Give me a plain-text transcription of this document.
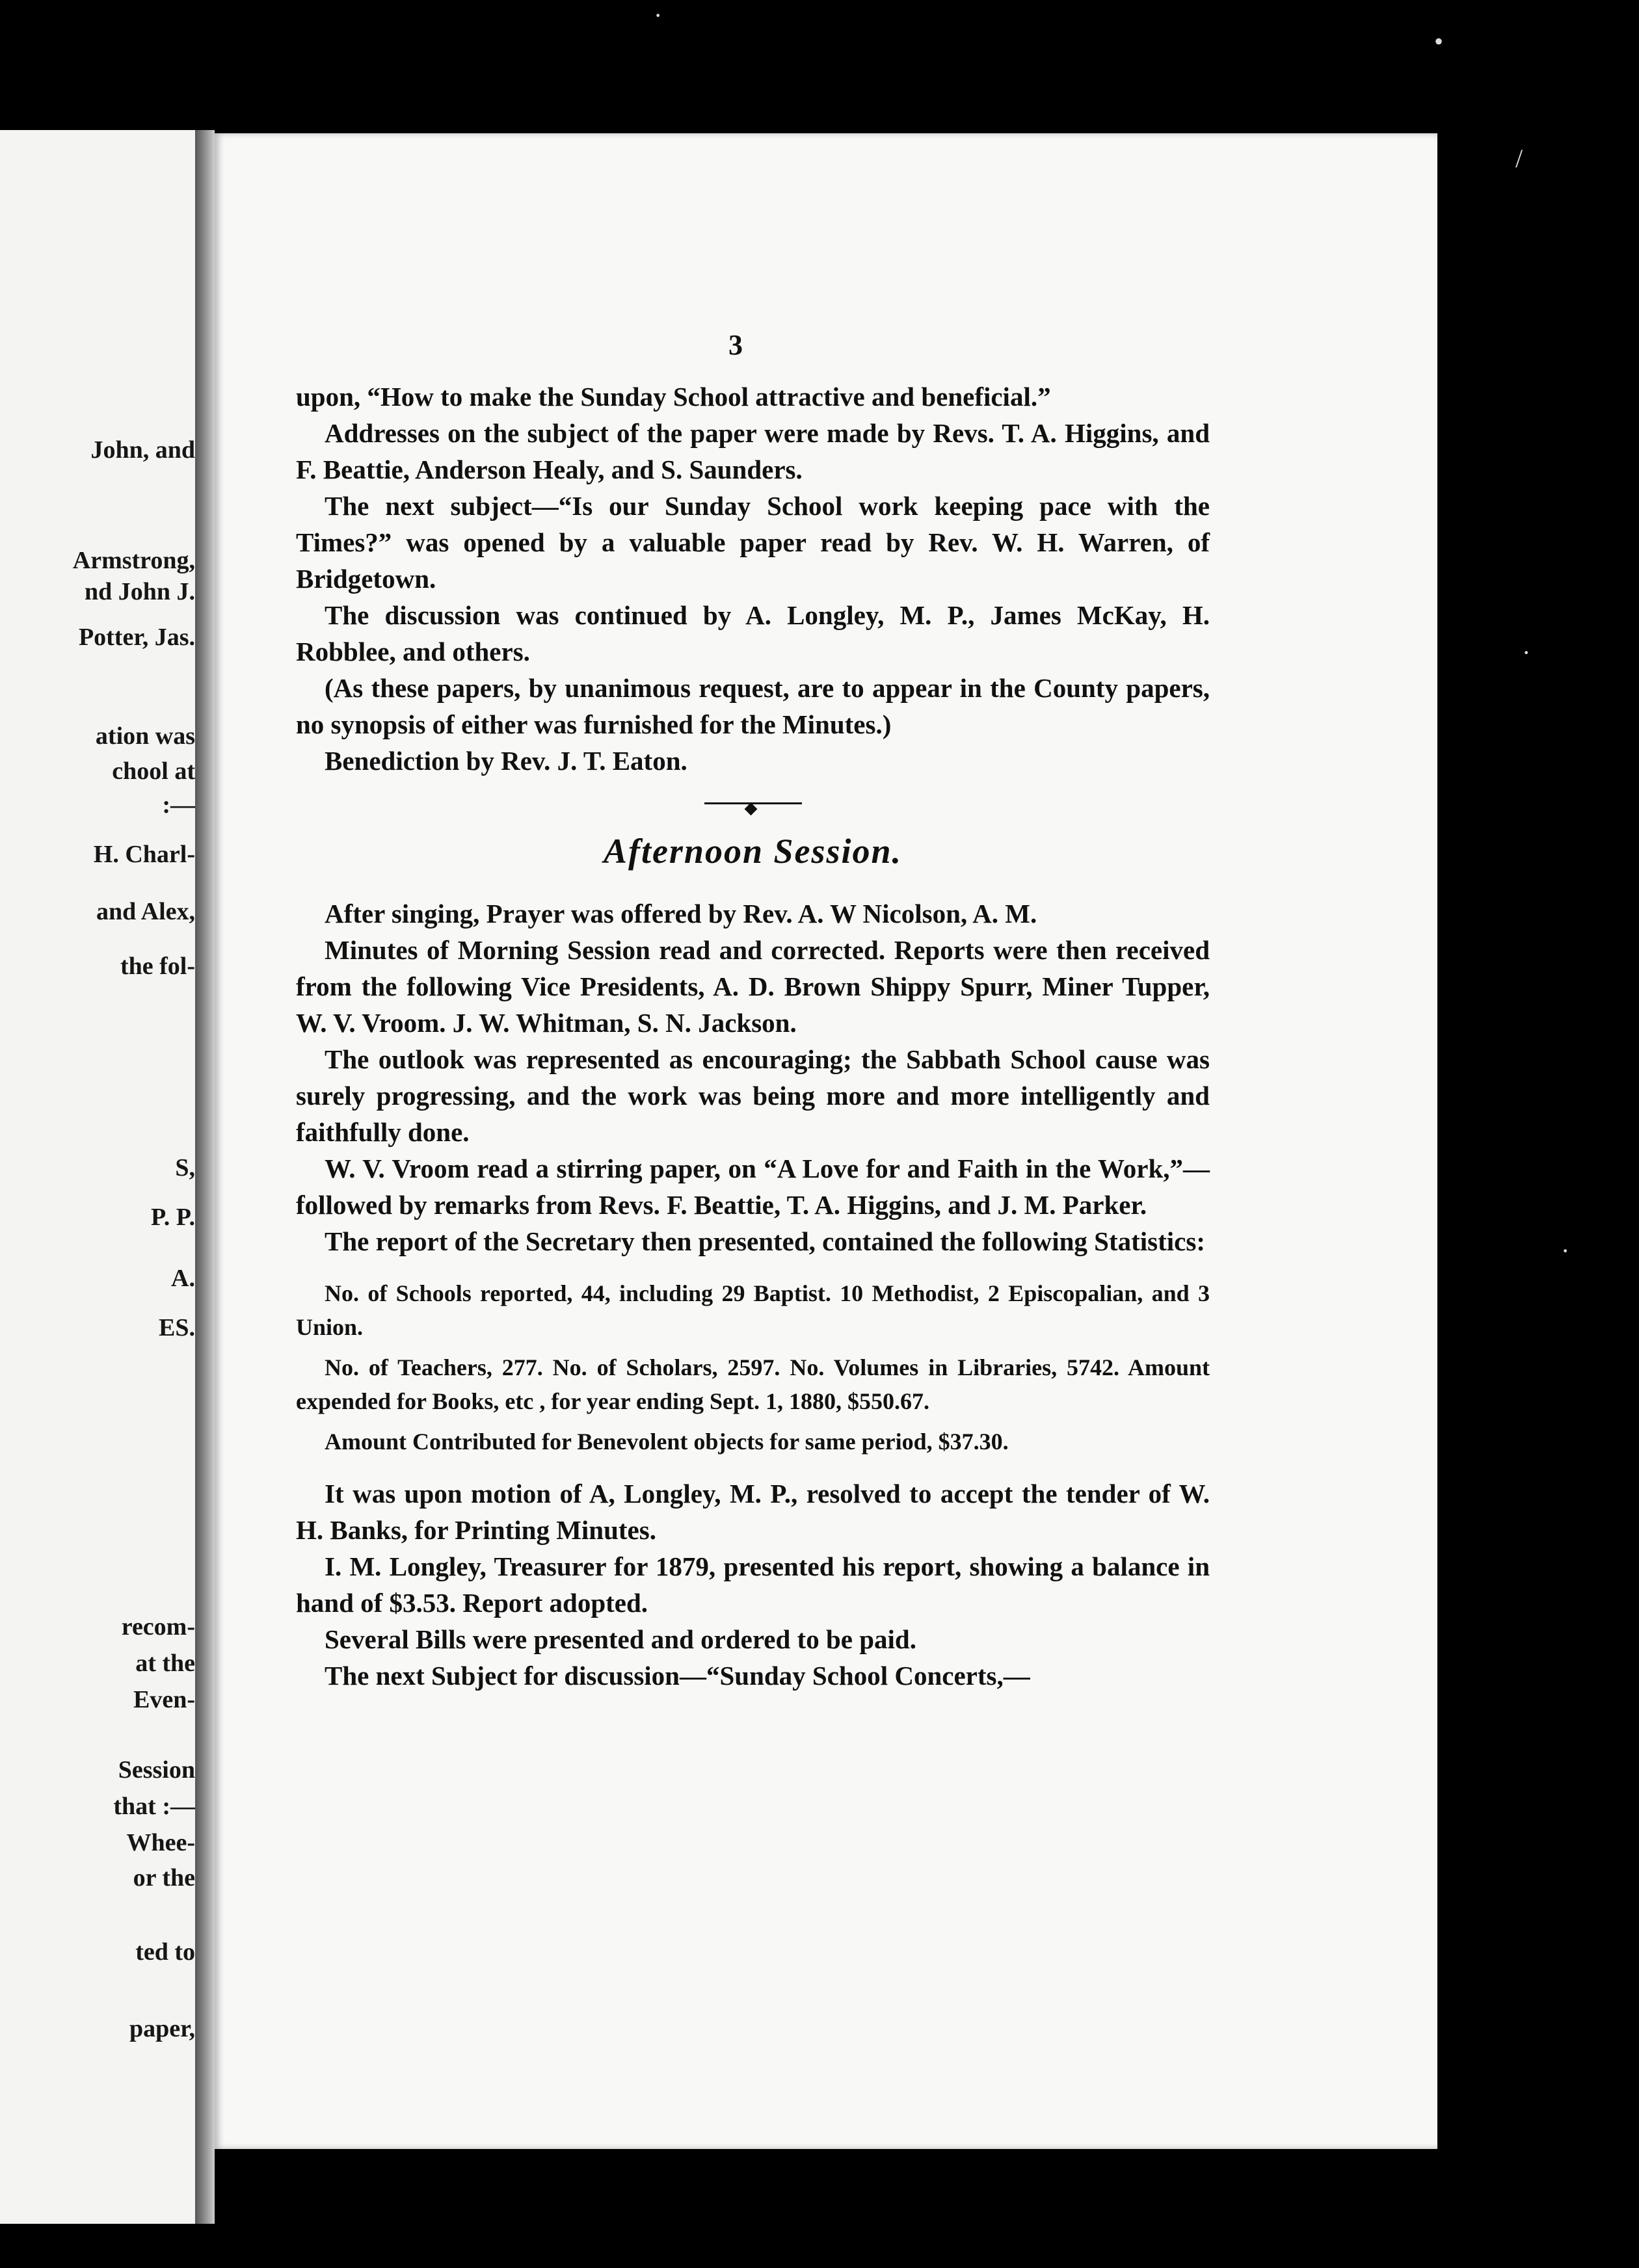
John, and
Armstrong,
nd John J.
Potter, Jas.
ation was
chool at
:—
H. Charl-
and Alex,
the fol-
S,
P. P.
A.
ES.
recom-
at the
Even-
Session
that :—
Whee-
or the
ted to
paper,
3

upon, “How to make the Sunday School attractive and beneficial.”

Addresses on the subject of the paper were made by Revs. T. A. Higgins, and F. Beattie, Anderson Healy, and S. Saunders.

The next subject—“Is our Sunday School work keeping pace with the Times?” was opened by a valuable paper read by Rev. W. H. Warren, of Bridgetown.

The discussion was continued by A. Longley, M. P., James McKay, H. Robblee, and others.

(As these papers, by unanimous request, are to appear in the County papers, no synopsis of either was furnished for the Minutes.)

Benediction by Rev. J. T. Eaton.

◆
Afternoon Session.

After singing, Prayer was offered by Rev. A. W Nicolson, A. M.

Minutes of Morning Session read and corrected. Reports were then received from the following Vice Presidents, A. D. Brown Shippy Spurr, Miner Tupper, W. V. Vroom. J. W. Whitman, S. N. Jackson.

The outlook was represented as encouraging; the Sabbath School cause was surely progressing, and the work was being more and more intelligently and faithfully done.

W. V. Vroom read a stirring paper, on “A Love for and Faith in the Work,”—followed by remarks from Revs. F. Beattie, T. A. Higgins, and J. M. Parker.

The report of the Secretary then presented, contained the following Statistics:

No. of Schools reported, 44, including 29 Baptist. 10 Methodist, 2 Episcopalian, and 3 Union.

No. of Teachers, 277. No. of Scholars, 2597. No. Volumes in Libraries, 5742. Amount expended for Books, etc , for year ending Sept. 1, 1880, $550.67.

Amount Contributed for Benevolent objects for same period, $37.30.

It was upon motion of A, Longley, M. P., resolved to accept the tender of W. H. Banks, for Printing Minutes.

I. M. Longley, Treasurer for 1879, presented his report, showing a balance in hand of $3.53. Report adopted.

Several Bills were presented and ordered to be paid.

The next Subject for discussion—“Sunday School Concerts,—

·
•
/
·
·
